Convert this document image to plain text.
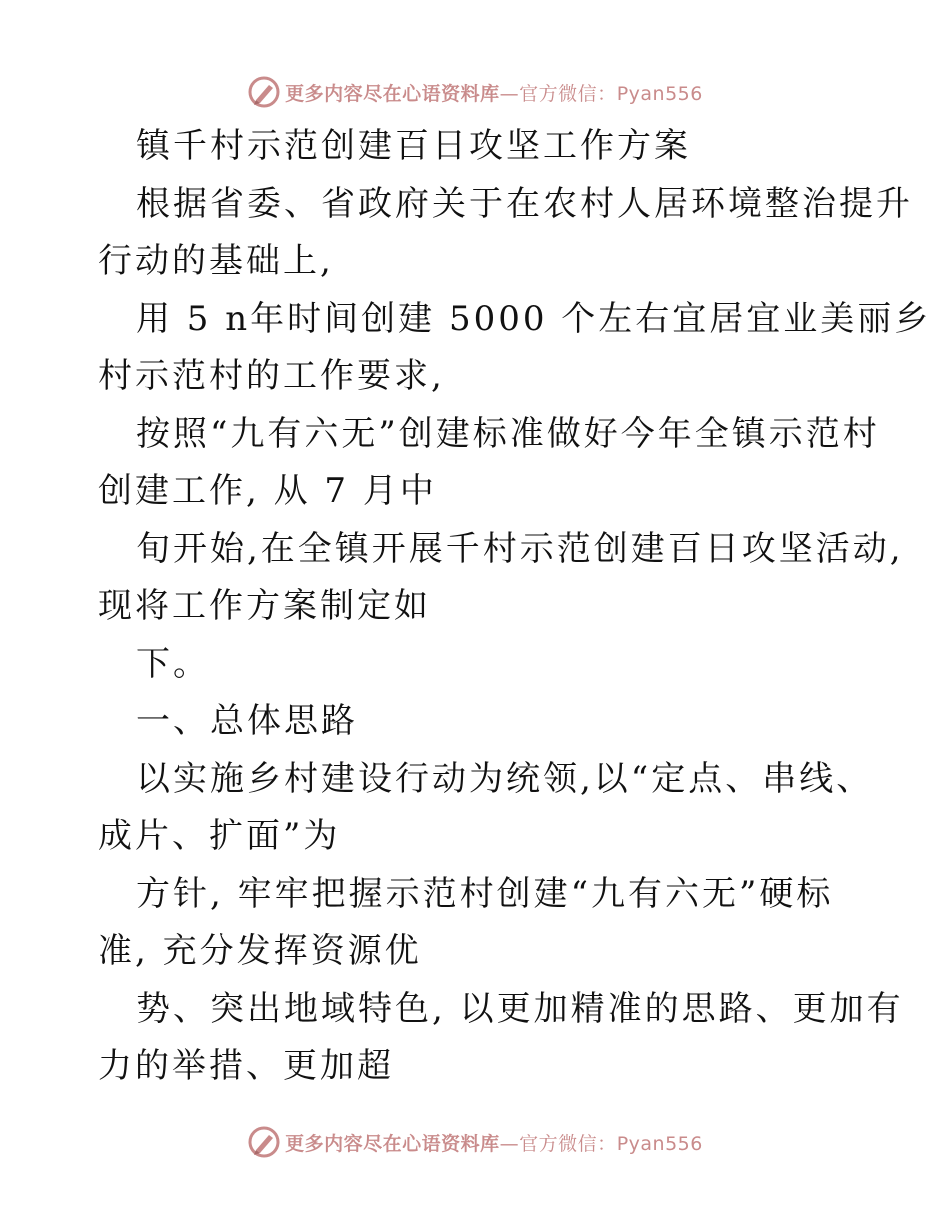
更多内容尽在心语资料库—官方微信：Pyan556
镇千村示范创建百日攻坚工作方案
根据省委、省政府关于在农村人居环境整治提升
行动的基础上,
用 5 n年时间创建 5000 个左右宜居宜业美丽乡
村示范村的工作要求,
按照“九有六无”创建标准做好今年全镇示范村
创建工作, 从 7 月中
旬开始,在全镇开展千村示范创建百日攻坚活动,
现将工作方案制定如
下。
一、总体思路
以实施乡村建设行动为统领,以“定点、串线、
成片、扩面”为
方针, 牢牢把握示范村创建“九有六无”硬标
准, 充分发挥资源优
势、突出地域特色, 以更加精准的思路、更加有
力的举措、更加超
更多内容尽在心语资料库—官方微信：Pyan556
